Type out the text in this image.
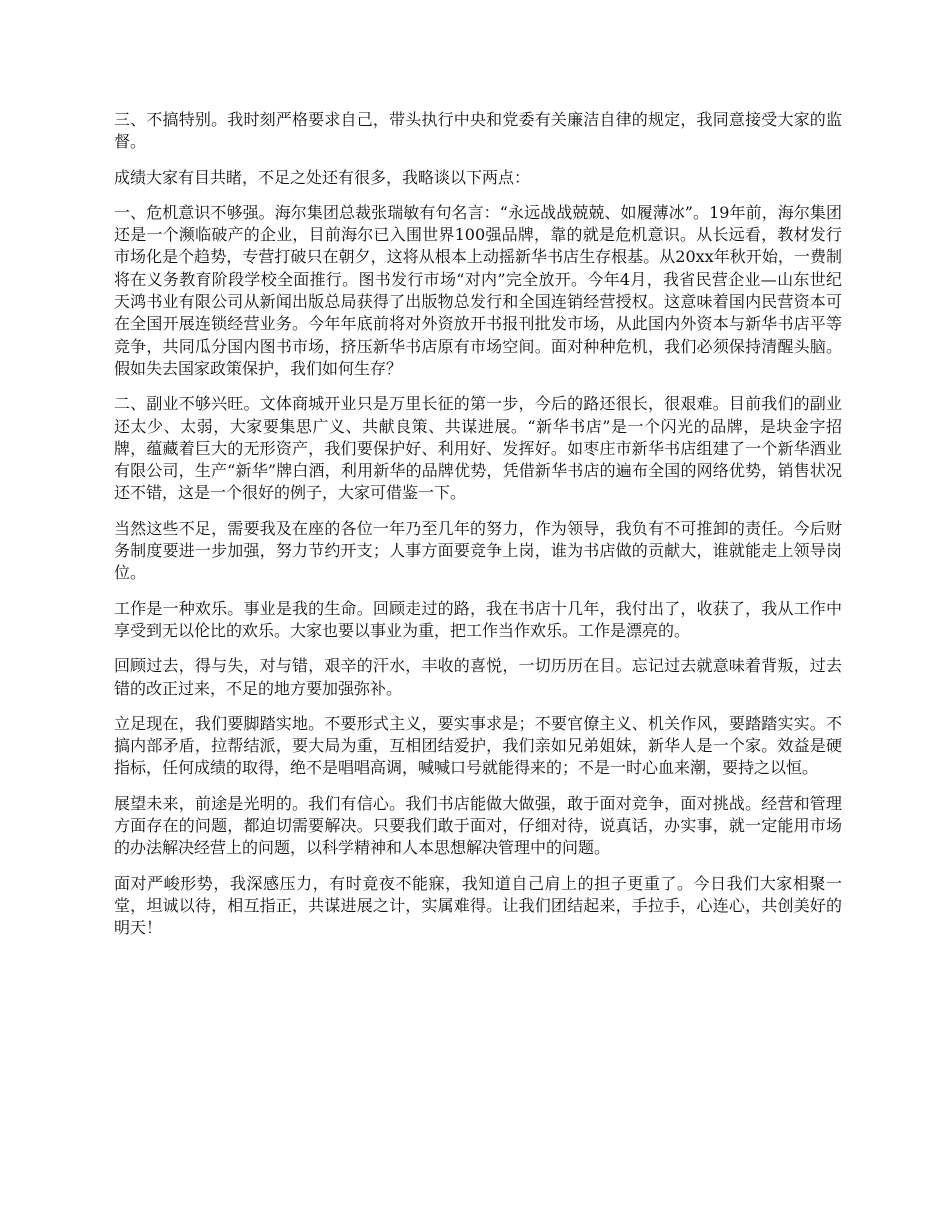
三、不搞特别。我时刻严格要求自己，带头执行中央和党委有关廉洁自律的规定，我同意接受大家的监督。

成绩大家有目共睹，不足之处还有很多，我略谈以下两点：

一、危机意识不够强。海尔集团总裁张瑞敏有句名言：“永远战战兢兢、如履薄冰”。19年前，海尔集团还是一个濒临破产的企业，目前海尔已入围世界100强品牌，靠的就是危机意识。从长远看，教材发行市场化是个趋势，专营打破只在朝夕，这将从根本上动摇新华书店生存根基。从20xx年秋开始，一费制将在义务教育阶段学校全面推行。图书发行市场“对内”完全放开。今年4月，我省民营企业—山东世纪天鸿书业有限公司从新闻出版总局获得了出版物总发行和全国连销经营授权。这意味着国内民营资本可在全国开展连锁经营业务。今年年底前将对外资放开书报刊批发市场，从此国内外资本与新华书店平等竞争，共同瓜分国内图书市场，挤压新华书店原有市场空间。面对种种危机，我们必须保持清醒头脑。假如失去国家政策保护，我们如何生存？

二、副业不够兴旺。文体商城开业只是万里长征的第一步，今后的路还很长，很艰难。目前我们的副业还太少、太弱，大家要集思广义、共献良策、共谋进展。“新华书店”是一个闪光的品牌，是块金字招牌，蕴藏着巨大的无形资产，我们要保护好、利用好、发挥好。如枣庄市新华书店组建了一个新华酒业有限公司，生产“新华”牌白酒，利用新华的品牌优势，凭借新华书店的遍布全国的网络优势，销售状况还不错，这是一个很好的例子，大家可借鉴一下。

当然这些不足，需要我及在座的各位一年乃至几年的努力，作为领导，我负有不可推卸的责任。今后财务制度要进一步加强，努力节约开支；人事方面要竞争上岗，谁为书店做的贡献大，谁就能走上领导岗位。

工作是一种欢乐。事业是我的生命。回顾走过的路，我在书店十几年，我付出了，收获了，我从工作中享受到无以伦比的欢乐。大家也要以事业为重，把工作当作欢乐。工作是漂亮的。

回顾过去，得与失，对与错，艰辛的汗水，丰收的喜悦，一切历历在目。忘记过去就意味着背叛，过去错的改正过来，不足的地方要加强弥补。

立足现在，我们要脚踏实地。不要形式主义，要实事求是；不要官僚主义、机关作风，要踏踏实实。不搞内部矛盾，拉帮结派，要大局为重，互相团结爱护，我们亲如兄弟姐妹，新华人是一个家。效益是硬指标，任何成绩的取得，绝不是唱唱高调，喊喊口号就能得来的；不是一时心血来潮，要持之以恒。

展望未来，前途是光明的。我们有信心。我们书店能做大做强，敢于面对竞争，面对挑战。经营和管理方面存在的问题，都迫切需要解决。只要我们敢于面对，仔细对待，说真话，办实事，就一定能用市场的办法解决经营上的问题，以科学精神和人本思想解决管理中的问题。

面对严峻形势，我深感压力，有时竟夜不能寐，我知道自己肩上的担子更重了。今日我们大家相聚一堂，坦诚以待，相互指正，共谋进展之计，实属难得。让我们团结起来，手拉手，心连心，共创美好的明天！
